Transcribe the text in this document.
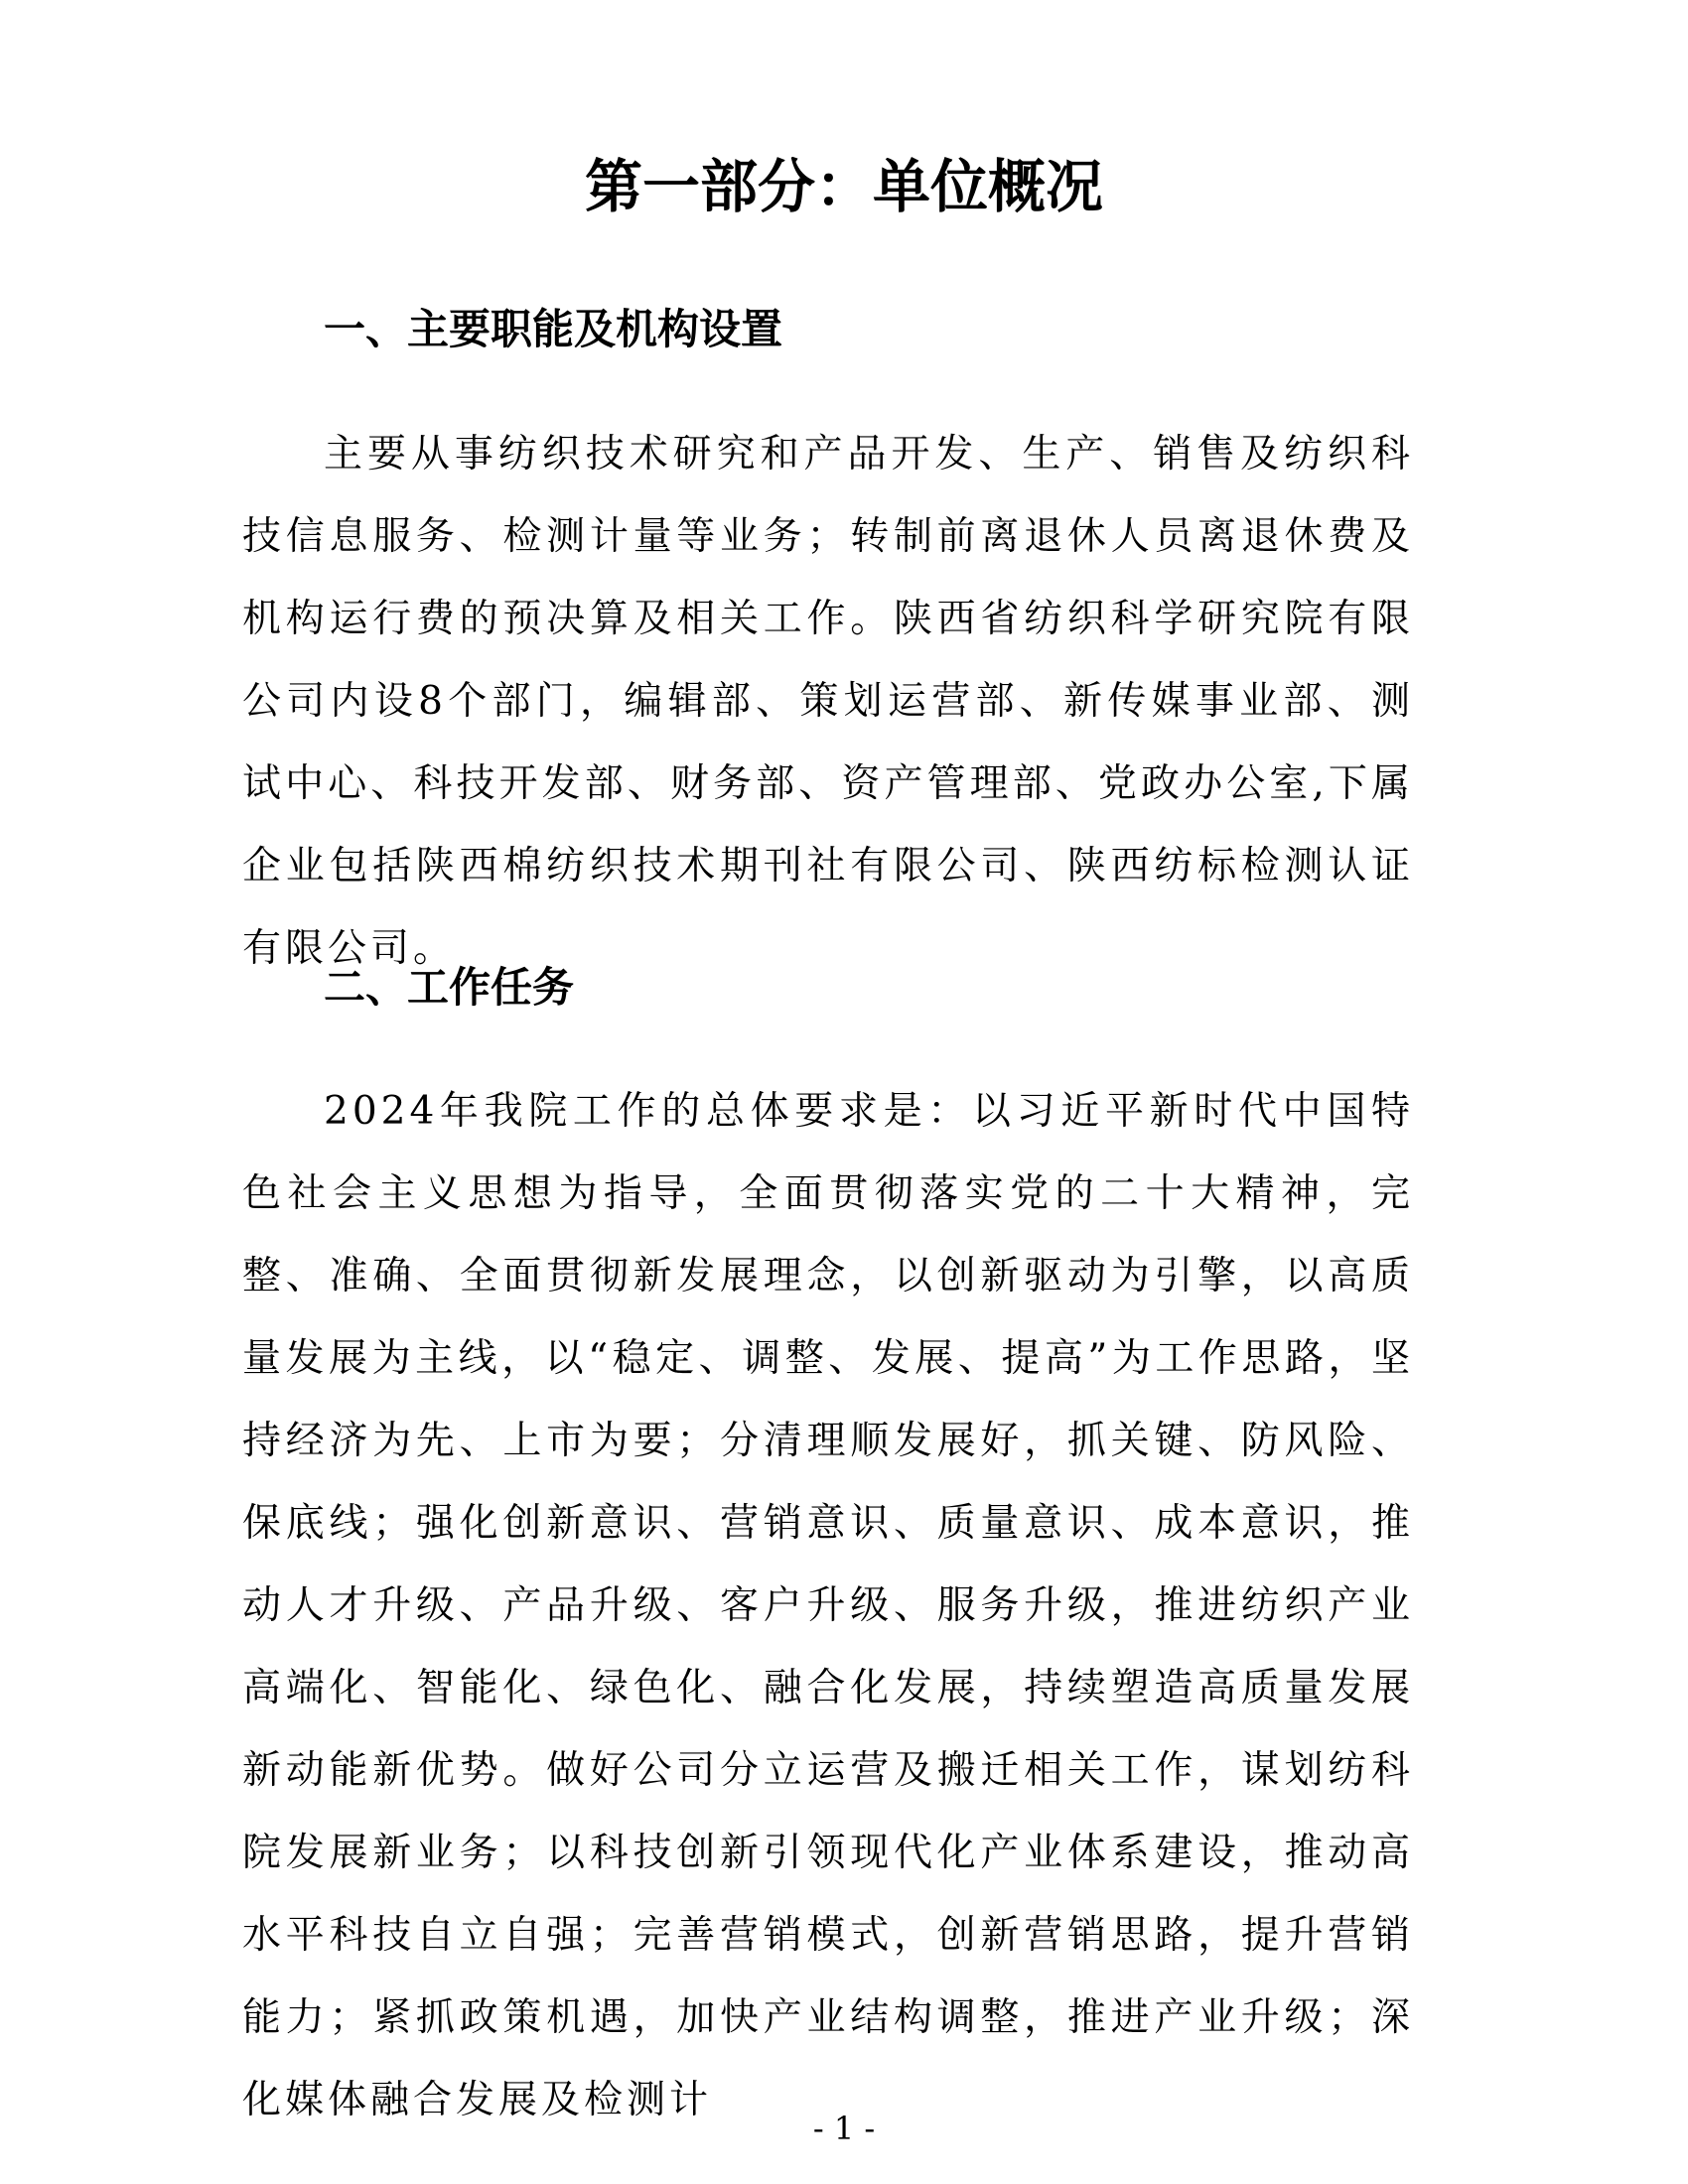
第一部分：单位概况
一、主要职能及机构设置

主要从事纺织技术研究和产品开发、生产、销售及纺织科技信息服务、检测计量等业务；转制前离退休人员离退休费及机构运行费的预决算及相关工作。陕西省纺织科学研究院有限公司内设8个部门，编辑部、策划运营部、新传媒事业部、测试中心、科技开发部、财务部、资产管理部、党政办公室,下属企业包括陕西棉纺织技术期刊社有限公司、陕西纺标检测认证有限公司。

二、工作任务

2024年我院工作的总体要求是：以习近平新时代中国特色社会主义思想为指导，全面贯彻落实党的二十大精神，完整、准确、全面贯彻新发展理念，以创新驱动为引擎，以高质量发展为主线，以“稳定、调整、发展、提高”为工作思路，坚持经济为先、上市为要；分清理顺发展好，抓关键、防风险、保底线；强化创新意识、营销意识、质量意识、成本意识，推动人才升级、产品升级、客户升级、服务升级，推进纺织产业高端化、智能化、绿色化、融合化发展，持续塑造高质量发展新动能新优势。做好公司分立运营及搬迁相关工作，谋划纺科院发展新业务；以科技创新引领现代化产业体系建设，推动高水平科技自立自强；完善营销模式，创新营销思路，提升营销能力；紧抓政策机遇，加快产业结构调整，推进产业升级；深化媒体融合发展及检测计

- 1 -
